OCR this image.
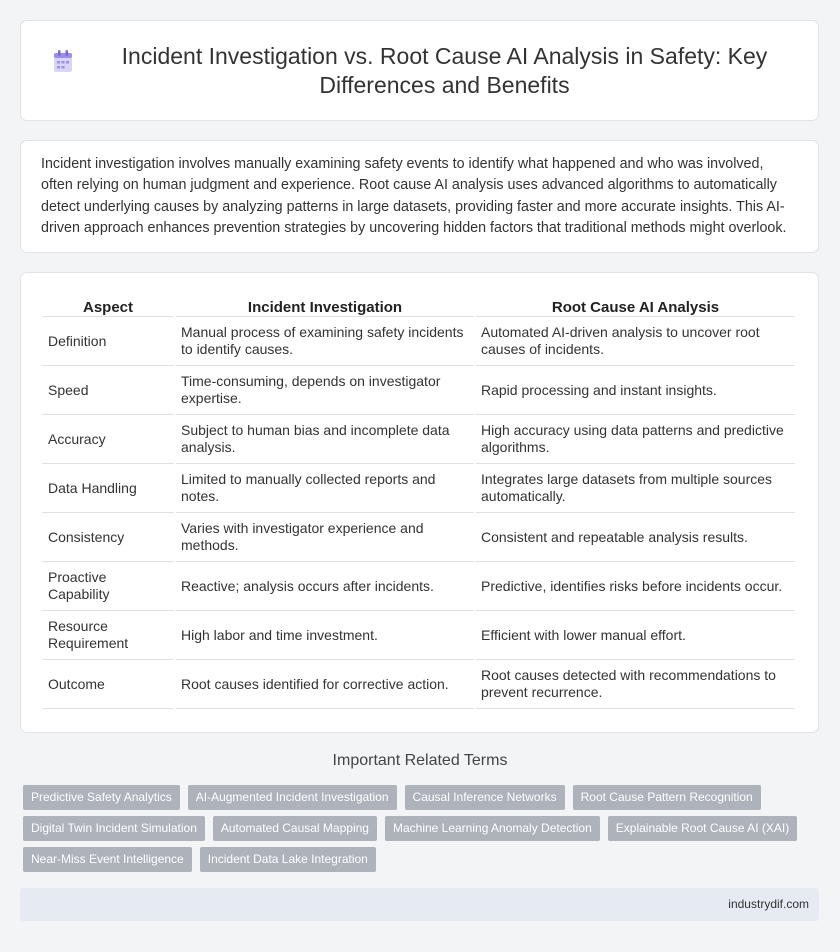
Incident Investigation vs. Root Cause AI Analysis in Safety: Key Differences and Benefits

Incident investigation involves manually examining safety events to identify what happened and who was involved, often relying on human judgment and experience. Root cause AI analysis uses advanced algorithms to automatically detect underlying causes by analyzing patterns in large datasets, providing faster and more accurate insights. This AI-driven approach enhances prevention strategies by uncovering hidden factors that traditional methods might overlook.

Aspect	Incident Investigation	Root Cause AI Analysis
Definition	Manual process of examining safety incidents to identify causes.	Automated AI-driven analysis to uncover root causes of incidents.
Speed	Time-consuming, depends on investigator expertise.	Rapid processing and instant insights.
Accuracy	Subject to human bias and incomplete data analysis.	High accuracy using data patterns and predictive algorithms.
Data Handling	Limited to manually collected reports and notes.	Integrates large datasets from multiple sources automatically.
Consistency	Varies with investigator experience and methods.	Consistent and repeatable analysis results.
Proactive Capability	Reactive; analysis occurs after incidents.	Predictive, identifies risks before incidents occur.
Resource Requirement	High labor and time investment.	Efficient with lower manual effort.
Outcome	Root causes identified for corrective action.	Root causes detected with recommendations to prevent recurrence.
Important Related Terms
Predictive Safety Analytics	AI-Augmented Incident Investigation	Causal Inference Networks	Root Cause Pattern Recognition
Digital Twin Incident Simulation	Automated Causal Mapping	Machine Learning Anomaly Detection	Explainable Root Cause AI (XAI)
Near-Miss Event Intelligence	Incident Data Lake Integration
industrydif.com
